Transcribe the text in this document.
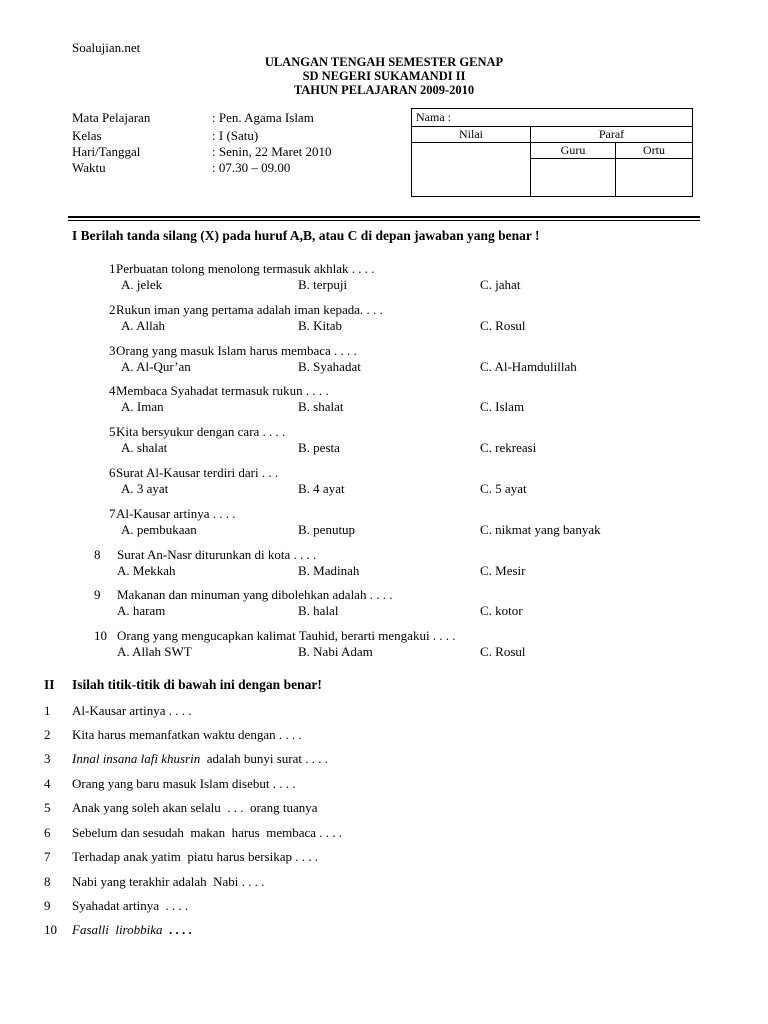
Soalujian.net
ULANGAN TENGAH SEMESTER GENAP
SD NEGERI SUKAMANDI II
TAHUN PELAJARAN 2009-2010
Mata Pelajaran	: Pen. Agama Islam
Kelas	: I (Satu)
Hari/Tanggal	: Senin, 22 Maret 2010
Waktu	: 07.30 – 09.00
Nama :		
Nilai	Paraf	
	Guru	Ortu

I Berilah tanda silang (X) pada huruf A,B, atau C di depan jawaban yang benar !
1 Perbuatan tolong menolong termasuk akhlak . . . .
A. jelek	B. terpuji	C. jahat
2 Rukun iman yang pertama adalah iman kepada. . . .
A. Allah	B. Kitab	C. Rosul
3 Orang yang masuk Islam harus membaca . . . .
A. Al-Qur’an	B. Syahadat	C. Al-Hamdulillah
4 Membaca Syahadat termasuk rukun . . . .
A. Iman	B. shalat	C. Islam
5 Kita bersyukur dengan cara . . . .
A. shalat	B. pesta	C. rekreasi
6 Surat Al-Kausar terdiri dari . . .
A. 3 ayat	B. 4 ayat	C. 5 ayat
7 Al-Kausar artinya . . . .
A. pembukaan	B. penutup	C. nikmat yang banyak
8 Surat An-Nasr diturunkan di kota . . . .
A. Mekkah	B. Madinah	C. Mesir
9 Makanan dan minuman yang dibolehkan adalah . . . .
A. haram	B. halal	C. kotor
10 Orang yang mengucapkan kalimat Tauhid, berarti mengakui . . . .
A. Allah SWT	B. Nabi Adam	C. Rosul
II Isilah titik-titik di bawah ini dengan benar!
1 Al-Kausar artinya . . . .
2 Kita harus memanfatkan waktu dengan . . . .
3 Innal insana lafi khusrin  adalah bunyi surat . . . .
4 Orang yang baru masuk Islam disebut . . . .
5 Anak yang soleh akan selalu  . . .  orang tuanya
6 Sebelum dan sesudah  makan  harus  membaca . . . .
7 Terhadap anak yatim  piatu harus bersikap . . . .
8 Nabi yang terakhir adalah  Nabi . . . .
9 Syahadat artinya  . . . .
10 Fasalli  lirobbika  . . . .
